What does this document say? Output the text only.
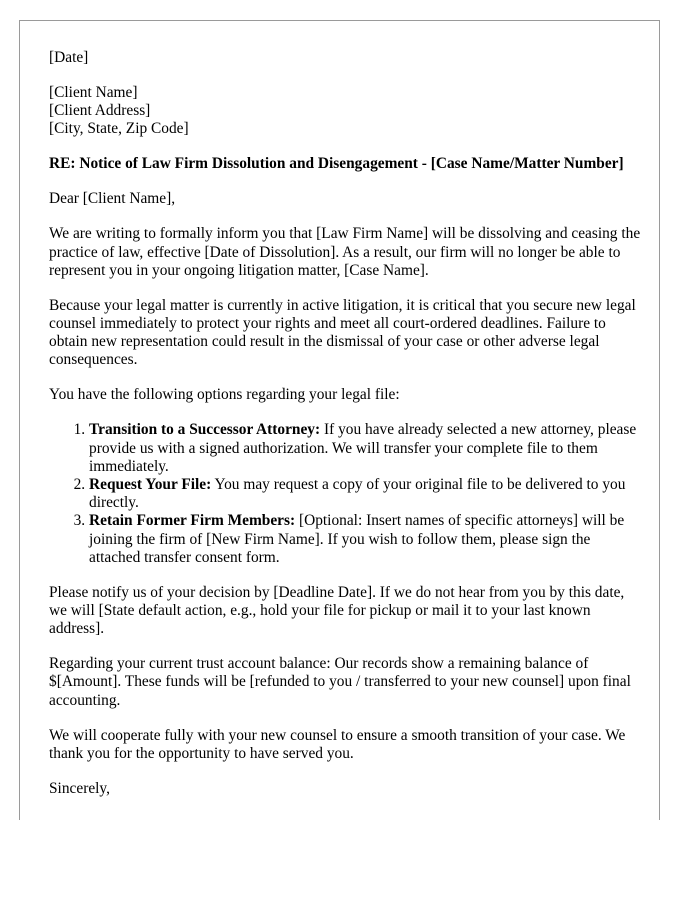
[Date]

[Client Name]
[Client Address]
[City, State, Zip Code]

RE: Notice of Law Firm Dissolution and Disengagement - [Case Name/Matter Number]

Dear [Client Name],

We are writing to formally inform you that [Law Firm Name] will be dissolving and ceasing the practice of law, effective [Date of Dissolution]. As a result, our firm will no longer be able to represent you in your ongoing litigation matter, [Case Name].

Because your legal matter is currently in active litigation, it is critical that you secure new legal counsel immediately to protect your rights and meet all court-ordered deadlines. Failure to obtain new representation could result in the dismissal of your case or other adverse legal consequences.

You have the following options regarding your legal file:

1. Transition to a Successor Attorney: If you have already selected a new attorney, please provide us with a signed authorization. We will transfer your complete file to them immediately.
2. Request Your File: You may request a copy of your original file to be delivered to you directly.
3. Retain Former Firm Members: [Optional: Insert names of specific attorneys] will be joining the firm of [New Firm Name]. If you wish to follow them, please sign the attached transfer consent form.

Please notify us of your decision by [Deadline Date]. If we do not hear from you by this date, we will [State default action, e.g., hold your file for pickup or mail it to your last known address].

Regarding your current trust account balance: Our records show a remaining balance of $[Amount]. These funds will be [refunded to you / transferred to your new counsel] upon final accounting.

We will cooperate fully with your new counsel to ensure a smooth transition of your case. We thank you for the opportunity to have served you.

Sincerely,
